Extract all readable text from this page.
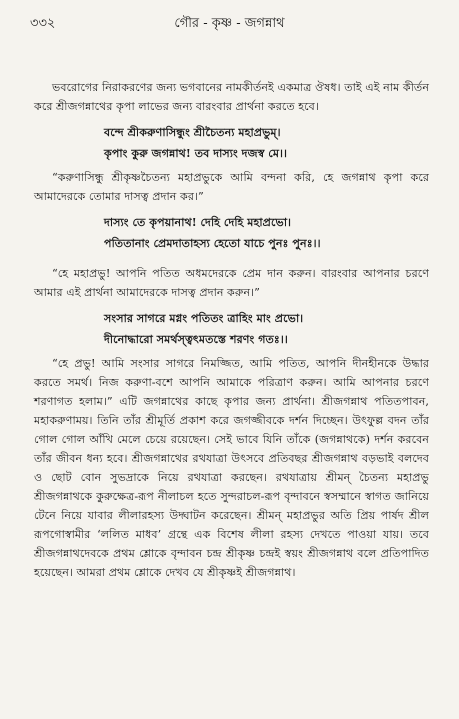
৩৩২	গৌর - কৃষ্ণ - জগন্নাথ

ভবরোগের নিরাকরণের জন্য ভগবানের নামকীর্তনই একমাত্র ঔষধ। তাই এই নাম কীর্তন করে শ্রীজগন্নাথের কৃপা লাভের জন্য বারংবার প্রার্থনা করতে হবে।

বন্দে শ্রীকরুণাসিন্ধুং শ্রীচৈতন্য মহাপ্রভুম্।
কৃপাং কুরু জগন্নাথ! তব দাস্যং দজস্ব মে।।

“করুণাসিন্ধু শ্রীকৃষ্ণচৈতন্য মহাপ্রভুকে আমি বন্দনা করি, হে জগন্নাথ কৃপা করে আমাদেরকে তোমার দাসত্ব প্রদান কর।”

দাস্যং তে কৃপয়ানাথ! দেহি দেহি মহাপ্রভো।
পতিতানাং প্রেমদাতাহস্য হেতো যাচে পুনঃ পুনঃ।।

“হে মহাপ্রভু! আপনি পতিত অধমদেরকে প্রেম দান করুন। বারংবার আপনার চরণে আমার এই প্রার্থনা আমাদেরকে দাসত্ব প্রদান করুন।”

সংসার সাগরে মগ্নং পতিতং ত্রাহিং মাং প্রভো।
দীনোদ্ধারো সমর্থস্ত্বৎমতস্তে শরণং গতঃ।।

“হে প্রভু! আমি সংসার সাগরে নিমজ্জিত, আমি পতিত, আপনি দীনহীনকে উদ্ধার করতে সমর্থ। নিজ করুণা-বশে আপনি আমাকে পরিত্রাণ করুন। আমি আপনার চরণে শরণাগত হলাম।” এটি জগন্নাথের কাছে কৃপার জন্য প্রার্থনা। শ্রীজগন্নাথ পতিতপাবন, মহাকরুণাময়। তিনি তাঁর শ্রীমূর্তি প্রকাশ করে জগজ্জীবকে দর্শন দিচ্ছেন। উৎফুল্ল বদন তাঁর গোল গোল আঁখি মেলে চেয়ে রয়েছেন। সেই ভাবে যিনি তাঁকে (জগন্নাথকে) দর্শন করবেন তাঁর জীবন ধন্য হবে। শ্রীজগন্নাথের রথযাত্রা উৎসবে প্রতিবছর শ্রীজগন্নাথ বড়ভাই বলদেব ও ছোট বোন সুভদ্রাকে নিয়ে রথযাত্রা করছেন। রথযাত্রায় শ্রীমন্ চৈতন্য মহাপ্রভু শ্রীজগন্নাথকে কুরুক্ষেত্র-রূপ নীলাচল হতে সুন্দরাচল-রূপ বৃন্দাবনে স্বসম্মানে স্বাগত জানিয়ে টেনে নিয়ে যাবার লীলারহস্য উদ্ঘাটন করেছেন। শ্রীমন্ মহাপ্রভুর অতি প্রিয় পার্ষদ শ্রীল রূপগোস্বামীর ‘ললিত মাধব’ গ্রন্থে এক বিশেষ লীলা রহস্য দেখতে পাওয়া যায়। তবে শ্রীজগন্নাথদেবকে প্রথম শ্লোকে বৃন্দাবন চন্দ্র শ্রীকৃষ্ণ চন্দ্রই স্বয়ং শ্রীজগন্নাথ বলে প্রতিপাদিত হয়েছেন। আমরা প্রথম শ্লোকে দেখব যে শ্রীকৃষ্ণই শ্রীজগন্নাথ।
